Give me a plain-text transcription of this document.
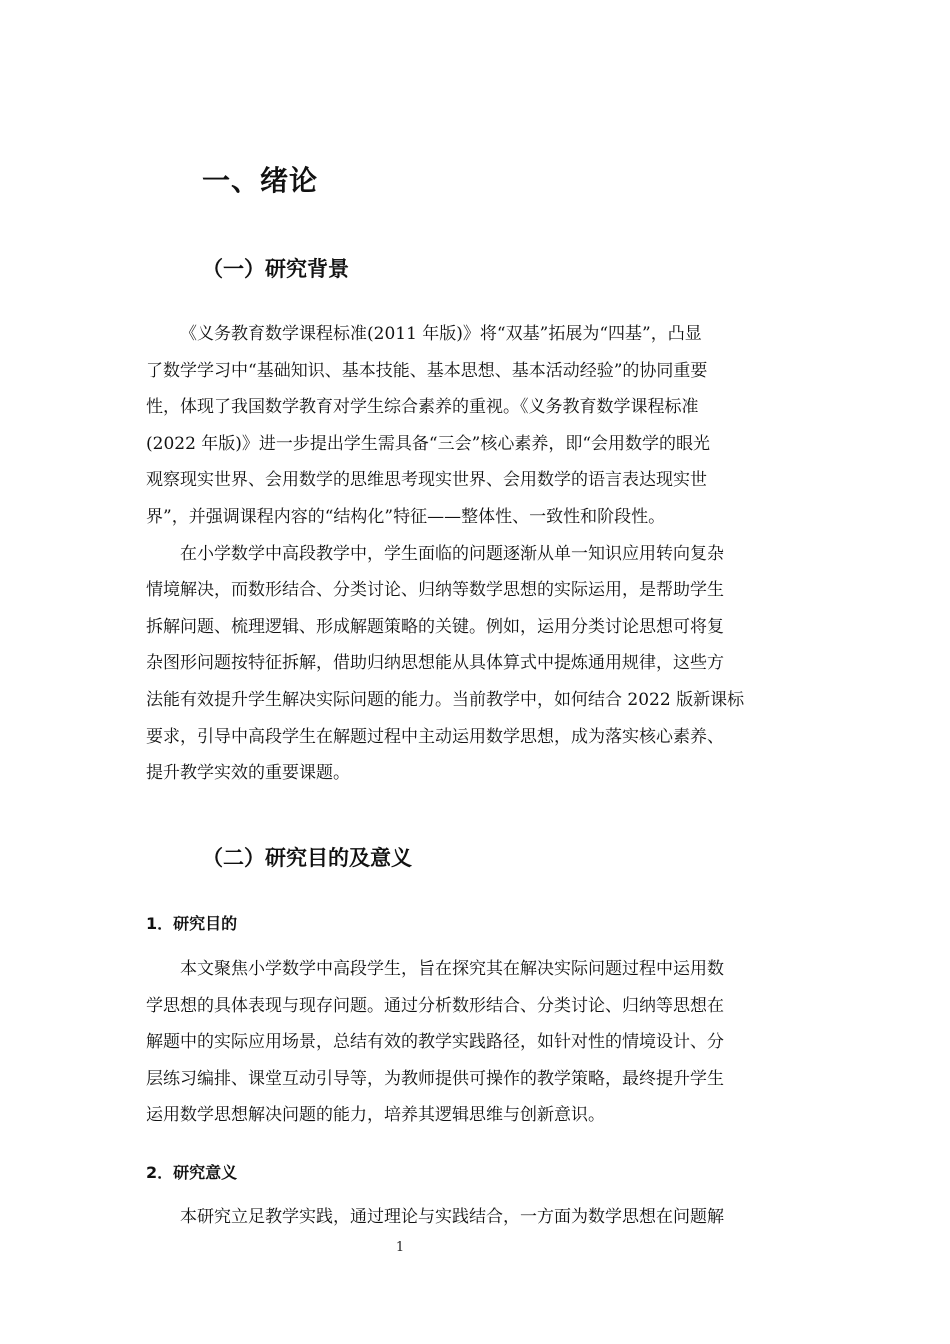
一、绪论
（一）研究背景

《义务教育数学课程标准(2011 年版)》将“双基”拓展为“四基”，凸显
了数学学习中“基础知识、基本技能、基本思想、基本活动经验”的协同重要
性，体现了我国数学教育对学生综合素养的重视。《义务教育数学课程标准
(2022 年版)》进一步提出学生需具备“三会”核心素养，即“会用数学的眼光
观察现实世界、会用数学的思维思考现实世界、会用数学的语言表达现实世
界”，并强调课程内容的“结构化”特征——整体性、一致性和阶段性。

在小学数学中高段教学中，学生面临的问题逐渐从单一知识应用转向复杂
情境解决，而数形结合、分类讨论、归纳等数学思想的实际运用，是帮助学生
拆解问题、梳理逻辑、形成解题策略的关键。例如，运用分类讨论思想可将复
杂图形问题按特征拆解，借助归纳思想能从具体算式中提炼通用规律，这些方
法能有效提升学生解决实际问题的能力。当前教学中，如何结合 2022 版新课标
要求，引导中高段学生在解题过程中主动运用数学思想，成为落实核心素养、
提升教学实效的重要课题。

（二）研究目的及意义
1．研究目的

本文聚焦小学数学中高段学生，旨在探究其在解决实际问题过程中运用数
学思想的具体表现与现存问题。通过分析数形结合、分类讨论、归纳等思想在
解题中的实际应用场景，总结有效的教学实践路径，如针对性的情境设计、分
层练习编排、课堂互动引导等，为教师提供可操作的教学策略，最终提升学生
运用数学思想解决问题的能力，培养其逻辑思维与创新意识。

2．研究意义

本研究立足教学实践，通过理论与实践结合，一方面为数学思想在问题解

1
